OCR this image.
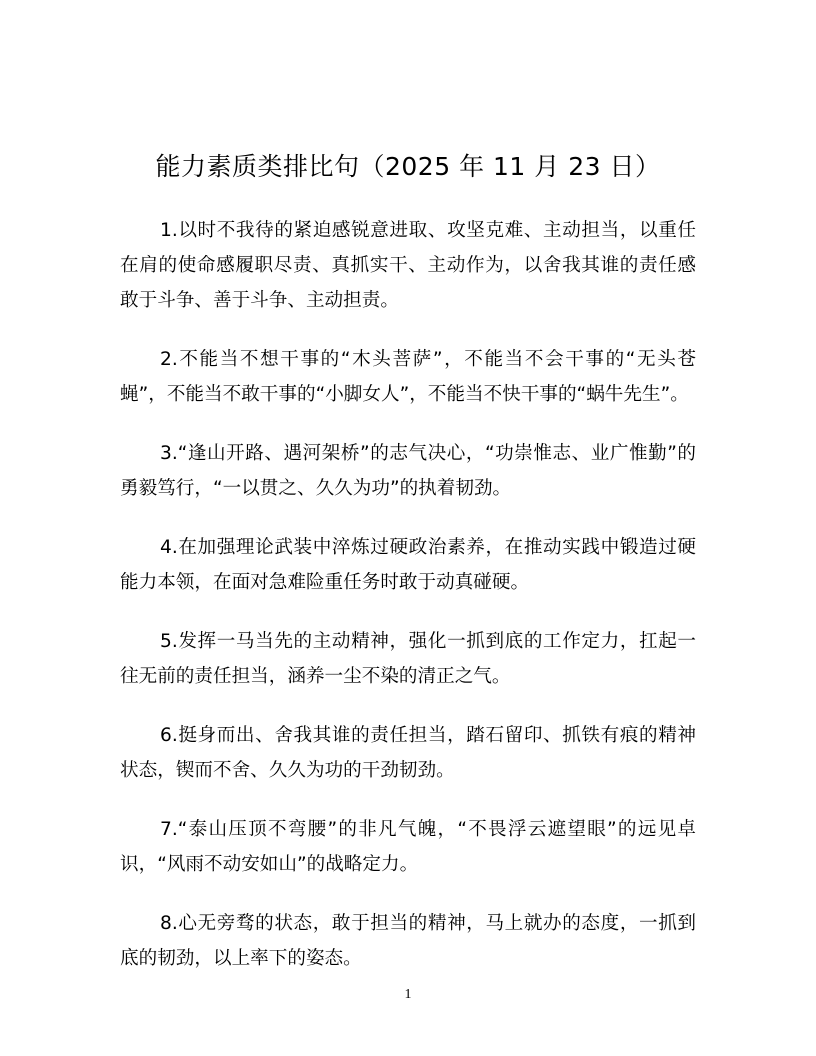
能力素质类排比句（2025 年 11 月 23 日）

1.以时不我待的紧迫感锐意进取、攻坚克难、主动担当，以重任在肩的使命感履职尽责、真抓实干、主动作为，以舍我其谁的责任感敢于斗争、善于斗争、主动担责。

2.不能当不想干事的“木头菩萨”，不能当不会干事的“无头苍蝇”，不能当不敢干事的“小脚女人”，不能当不快干事的“蜗牛先生”。

3.“逢山开路、遇河架桥”的志气决心，“功崇惟志、业广惟勤”的勇毅笃行，“一以贯之、久久为功”的执着韧劲。

4.在加强理论武装中淬炼过硬政治素养，在推动实践中锻造过硬能力本领，在面对急难险重任务时敢于动真碰硬。

5.发挥一马当先的主动精神，强化一抓到底的工作定力，扛起一往无前的责任担当，涵养一尘不染的清正之气。

6.挺身而出、舍我其谁的责任担当，踏石留印、抓铁有痕的精神状态，锲而不舍、久久为功的干劲韧劲。

7.“泰山压顶不弯腰”的非凡气魄，“不畏浮云遮望眼”的远见卓识，“风雨不动安如山”的战略定力。

8.心无旁骛的状态，敢于担当的精神，马上就办的态度，一抓到底的韧劲，以上率下的姿态。

1
